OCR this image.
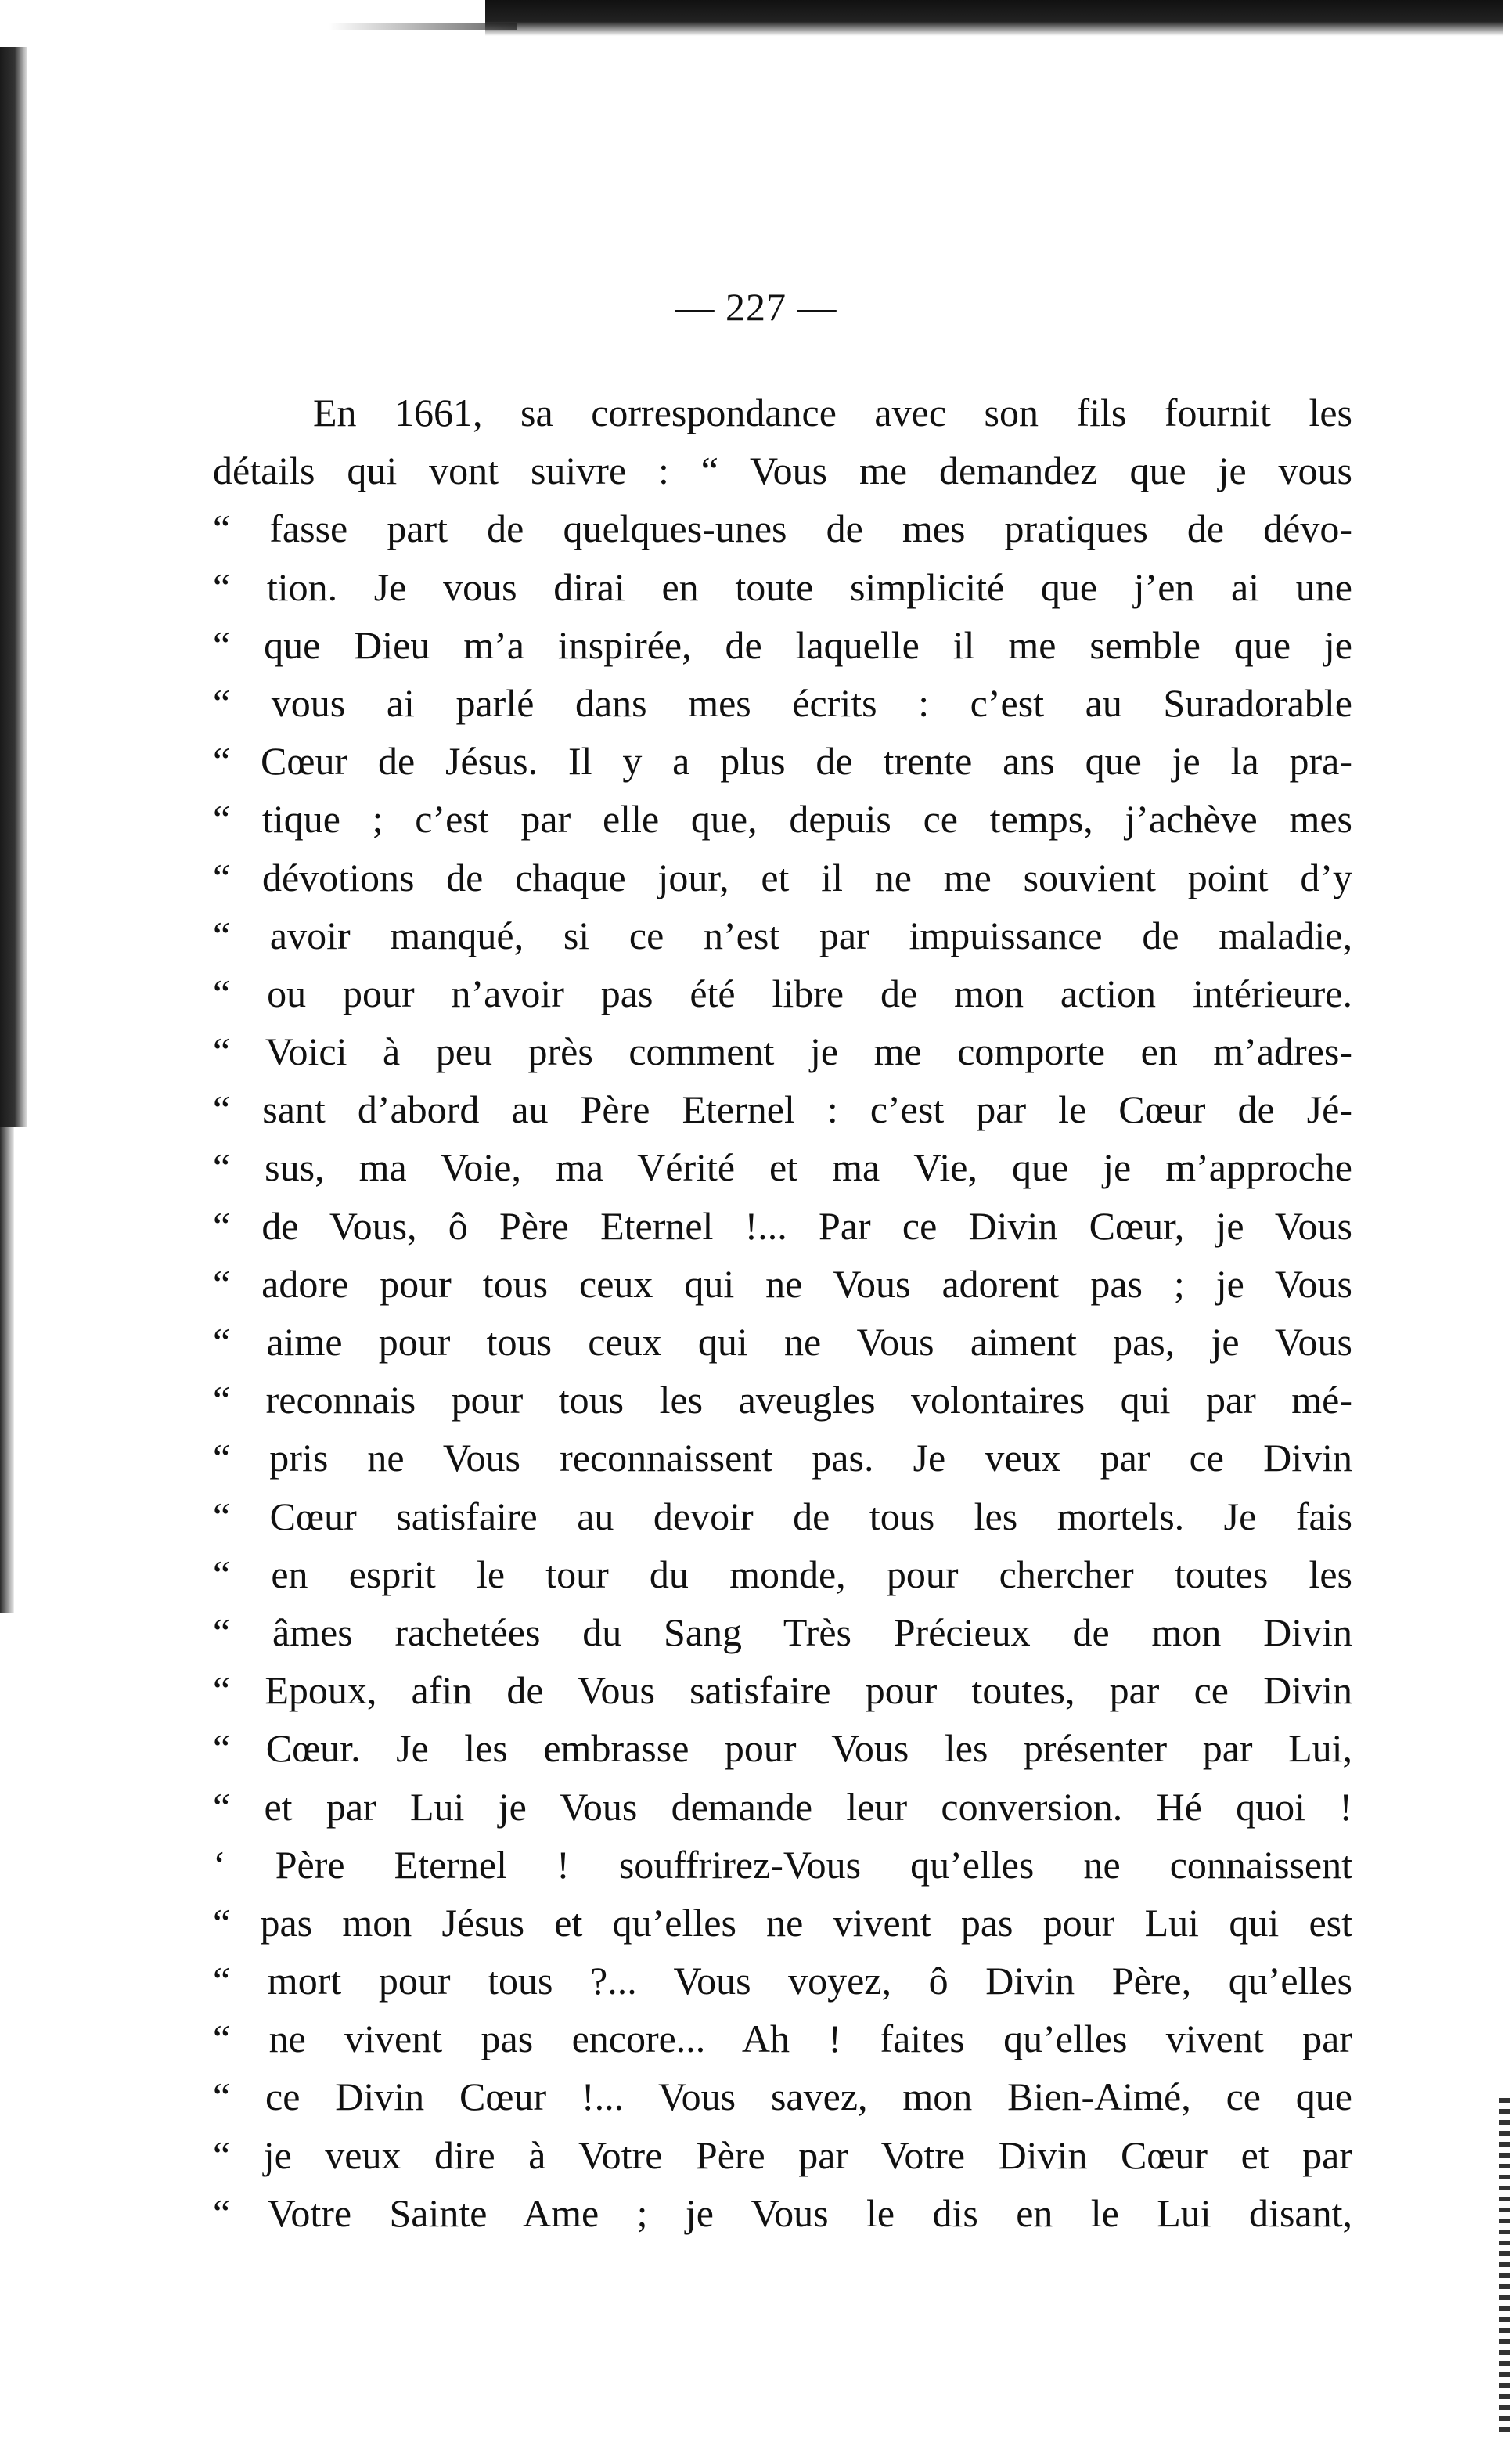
— 227 —
En 1661, sa correspondance avec son fils fournit les
détails qui vont suivre : “ Vous me demandez que je vous
“ fasse part de quelques-unes de mes pratiques de dévo-
“ tion. Je vous dirai en toute simplicité que j’en ai une
“ que Dieu m’a inspirée, de laquelle il me semble que je
“ vous ai parlé dans mes écrits : c’est au Suradorable
“ Cœur de Jésus. Il y a plus de trente ans que je la pra-
“ tique ; c’est par elle que, depuis ce temps, j’achève mes
“ dévotions de chaque jour, et il ne me souvient point d’y
“ avoir manqué, si ce n’est par impuissance de maladie,
“ ou pour n’avoir pas été libre de mon action intérieure.
“ Voici à peu près comment je me comporte en m’adres-
“ sant d’abord au Père Eternel : c’est par le Cœur de Jé-
“ sus, ma Voie, ma Vérité et ma Vie, que je m’approche
“ de Vous, ô Père Eternel !... Par ce Divin Cœur, je Vous
“ adore pour tous ceux qui ne Vous adorent pas ; je Vous
“ aime pour tous ceux qui ne Vous aiment pas, je Vous
“ reconnais pour tous les aveugles volontaires qui par mé-
“ pris ne Vous reconnaissent pas. Je veux par ce Divin
“ Cœur satisfaire au devoir de tous les mortels. Je fais
“ en esprit le tour du monde, pour chercher toutes les
“ âmes rachetées du Sang Très Précieux de mon Divin
“ Epoux, afin de Vous satisfaire pour toutes, par ce Divin
“ Cœur. Je les embrasse pour Vous les présenter par Lui,
“ et par Lui je Vous demande leur conversion. Hé quoi !
‘ Père Eternel ! souffrirez-Vous qu’elles ne connaissent
“ pas mon Jésus et qu’elles ne vivent pas pour Lui qui est
“ mort pour tous ?... Vous voyez, ô Divin Père, qu’elles
“ ne vivent pas encore... Ah ! faites qu’elles vivent par
“ ce Divin Cœur !... Vous savez, mon Bien-Aimé, ce que
“ je veux dire à Votre Père par Votre Divin Cœur et par
“ Votre Sainte Ame ; je Vous le dis en le Lui disant,
